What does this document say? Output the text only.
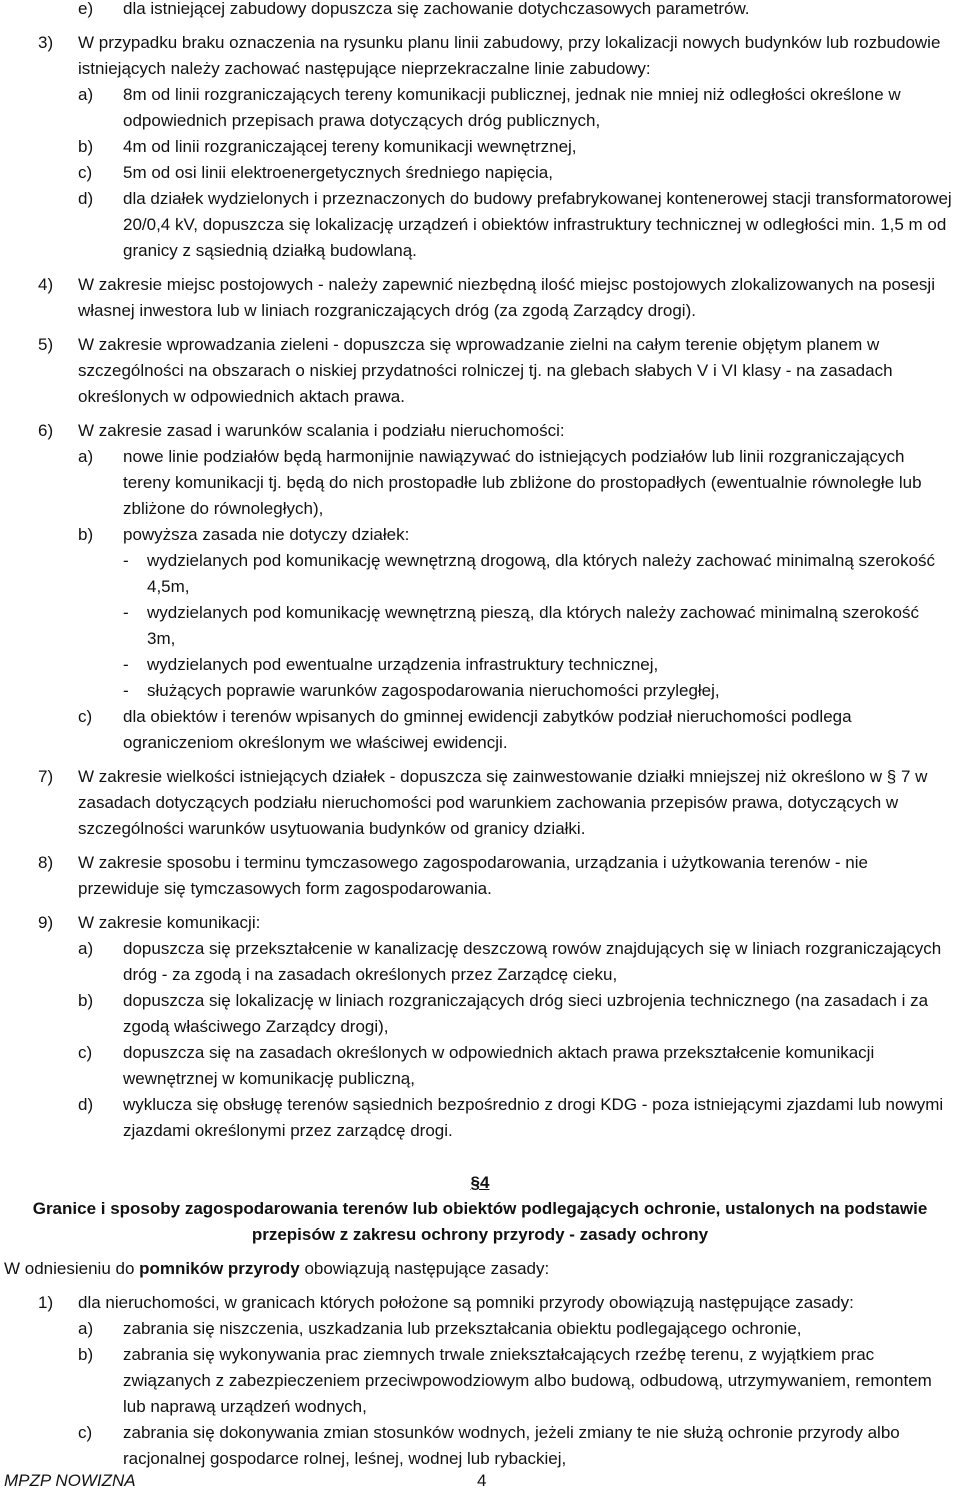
e)	dla istniejącej zabudowy dopuszcza się zachowanie dotychczasowych parametrów.
3)	W przypadku braku oznaczenia na rysunku planu linii zabudowy, przy lokalizacji nowych budynków lub rozbudowie istniejących należy zachować następujące nieprzekraczalne linie zabudowy:
a)	8m od linii rozgraniczających tereny komunikacji publicznej, jednak nie mniej niż odległości określone w odpowiednich przepisach prawa dotyczących dróg publicznych,
b)	4m od linii rozgraniczającej tereny komunikacji wewnętrznej,
c)	5m od osi linii elektroenergetycznych średniego napięcia,
d)	dla działek wydzielonych i przeznaczonych do budowy prefabrykowanej kontenerowej stacji transformatorowej 20/0,4 kV, dopuszcza się lokalizację urządzeń i obiektów infrastruktury technicznej w odległości min. 1,5 m od granicy z sąsiednią działką budowlaną.
4)	W zakresie miejsc postojowych - należy zapewnić niezbędną ilość miejsc postojowych zlokalizowanych na posesji własnej inwestora lub w liniach rozgraniczających dróg (za zgodą Zarządcy drogi).
5)	W zakresie wprowadzania zieleni - dopuszcza się wprowadzanie zielni na całym terenie objętym planem w szczególności na obszarach o niskiej przydatności rolniczej tj. na glebach słabych V i VI klasy - na zasadach określonych w odpowiednich aktach prawa.
6)	W zakresie zasad i warunków scalania i podziału nieruchomości:
a)	nowe linie podziałów będą harmonijnie nawiązywać do istniejących podziałów lub linii rozgraniczających tereny komunikacji tj. będą do nich prostopadłe lub zbliżone do prostopadłych (ewentualnie równoległe lub zbliżone do równoległych),
b)	powyższa zasada nie dotyczy działek:
-	wydzielanych pod komunikację wewnętrzną drogową, dla których należy zachować minimalną szerokość 4,5m,
-	wydzielanych pod komunikację wewnętrzną pieszą, dla których należy zachować minimalną szerokość 3m,
-	wydzielanych pod ewentualne urządzenia infrastruktury technicznej,
-	służących poprawie warunków zagospodarowania nieruchomości przyległej,
c)	dla obiektów i terenów wpisanych do gminnej ewidencji zabytków podział nieruchomości podlega ograniczeniom określonym we właściwej ewidencji.
7)	W zakresie wielkości istniejących działek - dopuszcza się zainwestowanie działki mniejszej niż określono w § 7 w zasadach dotyczących podziału nieruchomości pod warunkiem zachowania przepisów prawa, dotyczących w szczególności warunków usytuowania budynków od granicy działki.
8)	W zakresie sposobu i terminu tymczasowego zagospodarowania, urządzania i użytkowania terenów - nie przewiduje się tymczasowych form zagospodarowania.
9)	W zakresie komunikacji:
a)	dopuszcza się przekształcenie w kanalizację deszczową rowów znajdujących się w liniach rozgraniczających dróg - za zgodą i na zasadach określonych przez Zarządcę cieku,
b)	dopuszcza się lokalizację w liniach rozgraniczających dróg sieci uzbrojenia technicznego (na zasadach i za zgodą właściwego Zarządcy drogi),
c)	dopuszcza się na zasadach określonych w odpowiednich aktach prawa przekształcenie komunikacji wewnętrznej w komunikację publiczną,
d)	wyklucza się obsługę terenów sąsiednich bezpośrednio z drogi KDG - poza istniejącymi zjazdami lub nowymi zjazdami określonymi przez zarządcę drogi.
§4
Granice i sposoby zagospodarowania terenów lub obiektów podlegających ochronie, ustalonych na podstawie przepisów z zakresu ochrony przyrody - zasady ochrony
W odniesieniu do pomników przyrody obowiązują następujące zasady:
1)	dla nieruchomości, w granicach których położone są pomniki przyrody obowiązują następujące zasady:
a)	zabrania się niszczenia, uszkadzania lub przekształcania obiektu podlegającego ochronie,
b)	zabrania się wykonywania prac ziemnych trwale zniekształcających rzeźbę terenu, z wyjątkiem prac związanych z zabezpieczeniem przeciwpowodziowym albo budową, odbudową, utrzymywaniem, remontem lub naprawą urządzeń wodnych,
c)	zabrania się dokonywania zmian stosunków wodnych, jeżeli zmiany te nie służą ochronie przyrody albo racjonalnej gospodarce rolnej, leśnej, wodnej lub rybackiej,
MPZP NOWIZNA	4
